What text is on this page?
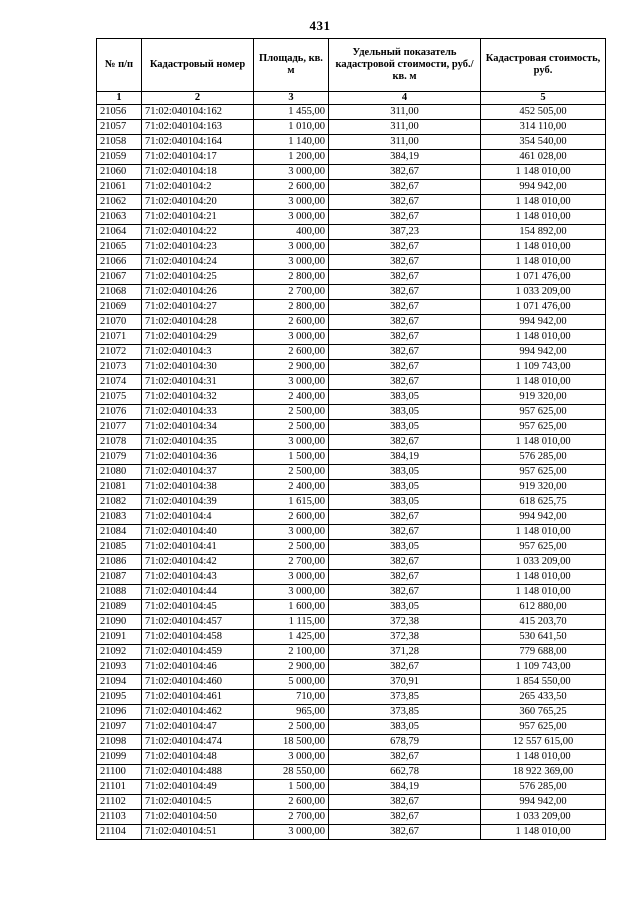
431
№ п/п	Кадастровый номер	Площадь, кв. м	Удельный показатель кадастровой стоимости, руб./кв. м	Кадастровая стоимость, руб.
1	2	3	4	5
21056	71:02:040104:162	1 455,00	311,00	452 505,00
21057	71:02:040104:163	1 010,00	311,00	314 110,00
21058	71:02:040104:164	1 140,00	311,00	354 540,00
21059	71:02:040104:17	1 200,00	384,19	461 028,00
21060	71:02:040104:18	3 000,00	382,67	1 148 010,00
21061	71:02:040104:2	2 600,00	382,67	994 942,00
21062	71:02:040104:20	3 000,00	382,67	1 148 010,00
21063	71:02:040104:21	3 000,00	382,67	1 148 010,00
21064	71:02:040104:22	400,00	387,23	154 892,00
21065	71:02:040104:23	3 000,00	382,67	1 148 010,00
21066	71:02:040104:24	3 000,00	382,67	1 148 010,00
21067	71:02:040104:25	2 800,00	382,67	1 071 476,00
21068	71:02:040104:26	2 700,00	382,67	1 033 209,00
21069	71:02:040104:27	2 800,00	382,67	1 071 476,00
21070	71:02:040104:28	2 600,00	382,67	994 942,00
21071	71:02:040104:29	3 000,00	382,67	1 148 010,00
21072	71:02:040104:3	2 600,00	382,67	994 942,00
21073	71:02:040104:30	2 900,00	382,67	1 109 743,00
21074	71:02:040104:31	3 000,00	382,67	1 148 010,00
21075	71:02:040104:32	2 400,00	383,05	919 320,00
21076	71:02:040104:33	2 500,00	383,05	957 625,00
21077	71:02:040104:34	2 500,00	383,05	957 625,00
21078	71:02:040104:35	3 000,00	382,67	1 148 010,00
21079	71:02:040104:36	1 500,00	384,19	576 285,00
21080	71:02:040104:37	2 500,00	383,05	957 625,00
21081	71:02:040104:38	2 400,00	383,05	919 320,00
21082	71:02:040104:39	1 615,00	383,05	618 625,75
21083	71:02:040104:4	2 600,00	382,67	994 942,00
21084	71:02:040104:40	3 000,00	382,67	1 148 010,00
21085	71:02:040104:41	2 500,00	383,05	957 625,00
21086	71:02:040104:42	2 700,00	382,67	1 033 209,00
21087	71:02:040104:43	3 000,00	382,67	1 148 010,00
21088	71:02:040104:44	3 000,00	382,67	1 148 010,00
21089	71:02:040104:45	1 600,00	383,05	612 880,00
21090	71:02:040104:457	1 115,00	372,38	415 203,70
21091	71:02:040104:458	1 425,00	372,38	530 641,50
21092	71:02:040104:459	2 100,00	371,28	779 688,00
21093	71:02:040104:46	2 900,00	382,67	1 109 743,00
21094	71:02:040104:460	5 000,00	370,91	1 854 550,00
21095	71:02:040104:461	710,00	373,85	265 433,50
21096	71:02:040104:462	965,00	373,85	360 765,25
21097	71:02:040104:47	2 500,00	383,05	957 625,00
21098	71:02:040104:474	18 500,00	678,79	12 557 615,00
21099	71:02:040104:48	3 000,00	382,67	1 148 010,00
21100	71:02:040104:488	28 550,00	662,78	18 922 369,00
21101	71:02:040104:49	1 500,00	384,19	576 285,00
21102	71:02:040104:5	2 600,00	382,67	994 942,00
21103	71:02:040104:50	2 700,00	382,67	1 033 209,00
21104	71:02:040104:51	3 000,00	382,67	1 148 010,00
